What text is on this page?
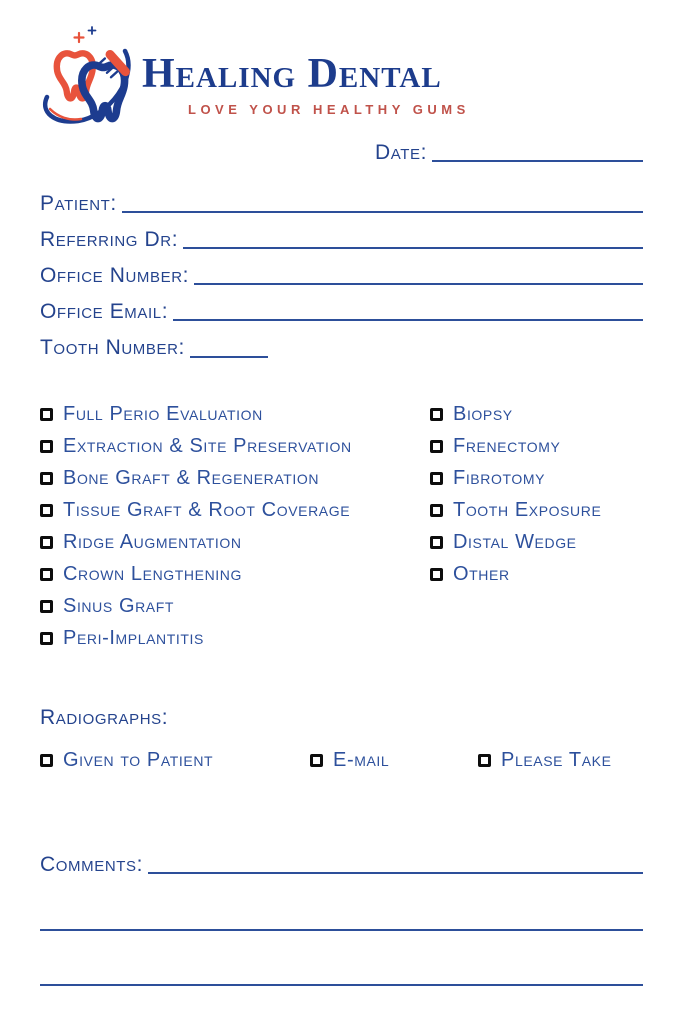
Healing Dental
LOVE YOUR HEALTHY GUMS
Date:
Patient:
Referring Dr:
Office Number:
Office Email:
Tooth Number:
Full Perio Evaluation
Extraction & Site Preservation
Bone Graft & Regeneration
Tissue Graft & Root Coverage
Ridge Augmentation
Crown Lengthening
Sinus Graft
Peri-Implantitis
Biopsy
Frenectomy
Fibrotomy
Tooth Exposure
Distal Wedge
Other
Radiographs:
Given to Patient	E-mail	Please Take
Comments:
